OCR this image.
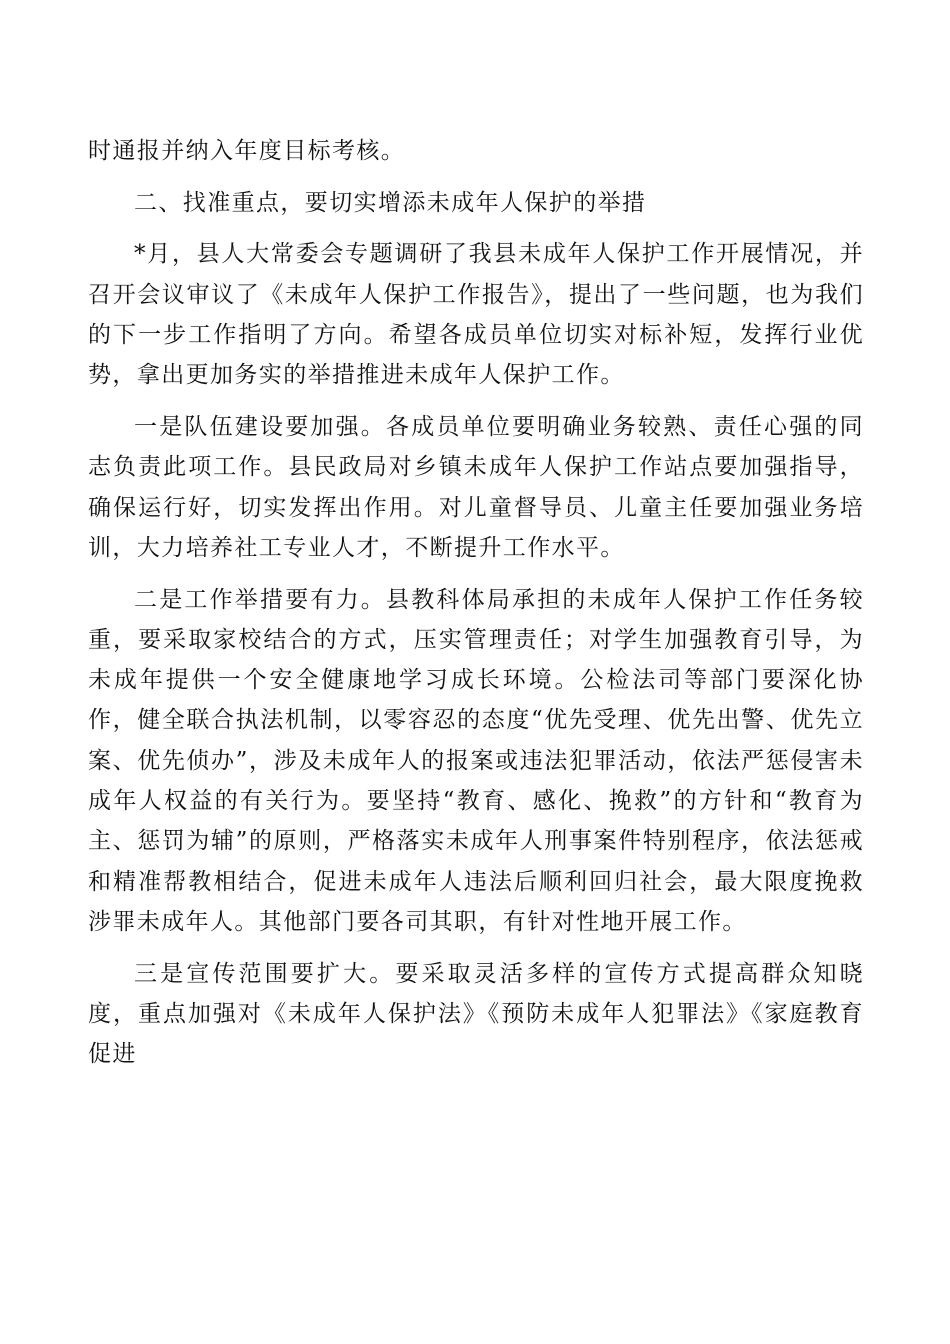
时通报并纳入年度目标考核。

二、找准重点，要切实增添未成年人保护的举措

*月，县人大常委会专题调研了我县未成年人保护工作开展情况，并召开会议审议了《未成年人保护工作报告》，提出了一些问题，也为我们的下一步工作指明了方向。希望各成员单位切实对标补短，发挥行业优势，拿出更加务实的举措推进未成年人保护工作。

一是队伍建设要加强。各成员单位要明确业务较熟、责任心强的同志负责此项工作。县民政局对乡镇未成年人保护工作站点要加强指导，确保运行好，切实发挥出作用。对儿童督导员、儿童主任要加强业务培训，大力培养社工专业人才，不断提升工作水平。

二是工作举措要有力。县教科体局承担的未成年人保护工作任务较重，要采取家校结合的方式，压实管理责任；对学生加强教育引导，为未成年提供一个安全健康地学习成长环境。公检法司等部门要深化协作，健全联合执法机制，以零容忍的态度“优先受理、优先出警、优先立案、优先侦办”，涉及未成年人的报案或违法犯罪活动，依法严惩侵害未成年人权益的有关行为。要坚持“教育、感化、挽救”的方针和“教育为主、惩罚为辅”的原则，严格落实未成年人刑事案件特别程序，依法惩戒和精准帮教相结合，促进未成年人违法后顺利回归社会，最大限度挽救涉罪未成年人。其他部门要各司其职，有针对性地开展工作。

三是宣传范围要扩大。要采取灵活多样的宣传方式提高群众知晓度，重点加强对《未成年人保护法》《预防未成年人犯罪法》《家庭教育促进
